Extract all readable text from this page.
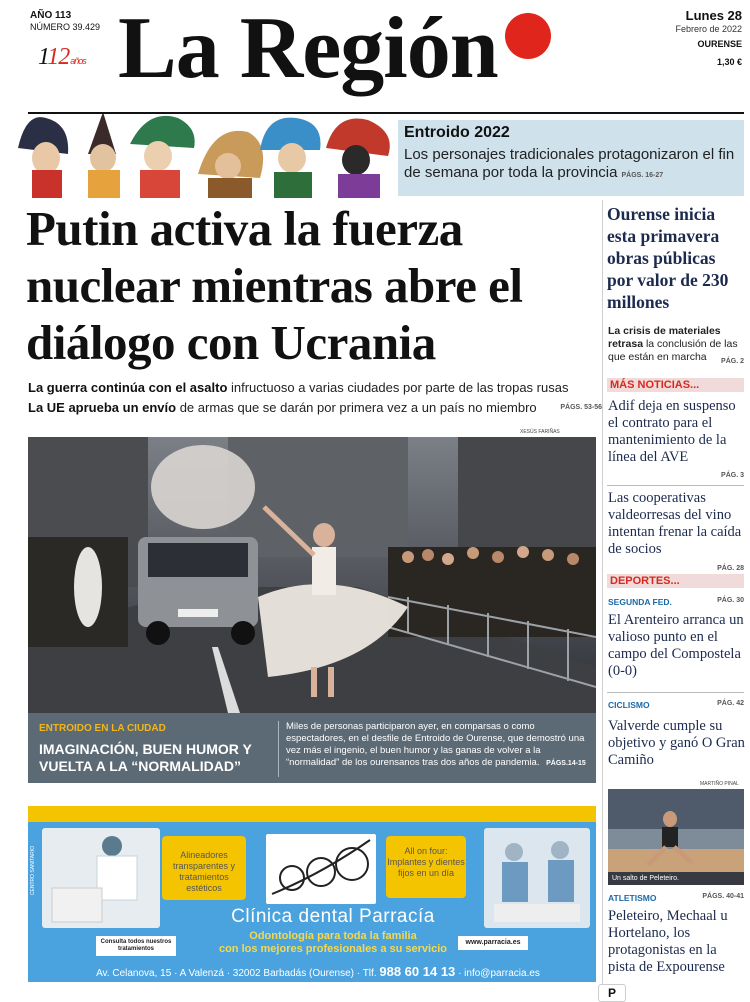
AÑO 113
NÚMERO 39.429
112años La Región	Lunes 28
Febrero de 2022
OURENSE
1,30 €
Entroido 2022
Los personajes tradicionales protagonizaron el fin de semana por toda la provincia PÁGS. 16-27
Putin activa la fuerza nuclear mientras abre el diálogo con Ucrania
La guerra continúa con el asalto infructuoso a varias ciudades por parte de las tropas rusas
La UE aprueba un envío de armas que se darán por primera vez a un país no miembro	PÁGS. 53-56
XESÚS FARIÑAS
ENTROIDO EN LA CIUDAD
IMAGINACIÓN, BUEN HUMOR Y VUELTA A LA “NORMALIDAD”
Miles de personas participaron ayer, en comparsas o como espectadores, en el desfile de Entroido de Ourense, que demostró una vez más el ingenio, el buen humor y las ganas de volver a la “normalidad” de los ourensanos tras dos años de pandemia. PÁGS.14-15
CENTRO SANITARIO	Alineadores transparentes y tratamientos estéticos
All on four: Implantes y dientes fijos en un día
Consulta todos nuestros tratamientos
www.parracia.es
Clínica dental Parracía
Odontología para toda la familia
con los mejores profesionales a su servicio
Av. Celanova, 15 · A Valenzá · 32002 Barbadás (Ourense) · Tlf. 988 60 14 13 · info@parracia.es
Ourense inicia esta primavera obras públicas por valor de 230 millones
La crisis de materiales retrasa la conclusión de las que están en marcha	PÁG. 2
MÁS NOTICIAS...
Adif deja en suspenso el contrato para el mantenimiento de la línea del AVE
PÁG. 3
Las cooperativas valdeorresas del vino intentan frenar la caída de socios
PÁG. 28
DEPORTES...
SEGUNDA FED.	PÁG. 30
El Arenteiro arranca un valioso punto en el campo del Compostela (0-0)
CICLISMO	PÁG. 42
Valverde cumple su objetivo y ganó O Gran Camiño
MARTIÑO PINAL
Un salto de Peleteiro.
ATLETISMO	PÁGS. 40-41
Peleteiro, Mechaal u Hortelano, los protagonistas en la pista de Expourense
P
